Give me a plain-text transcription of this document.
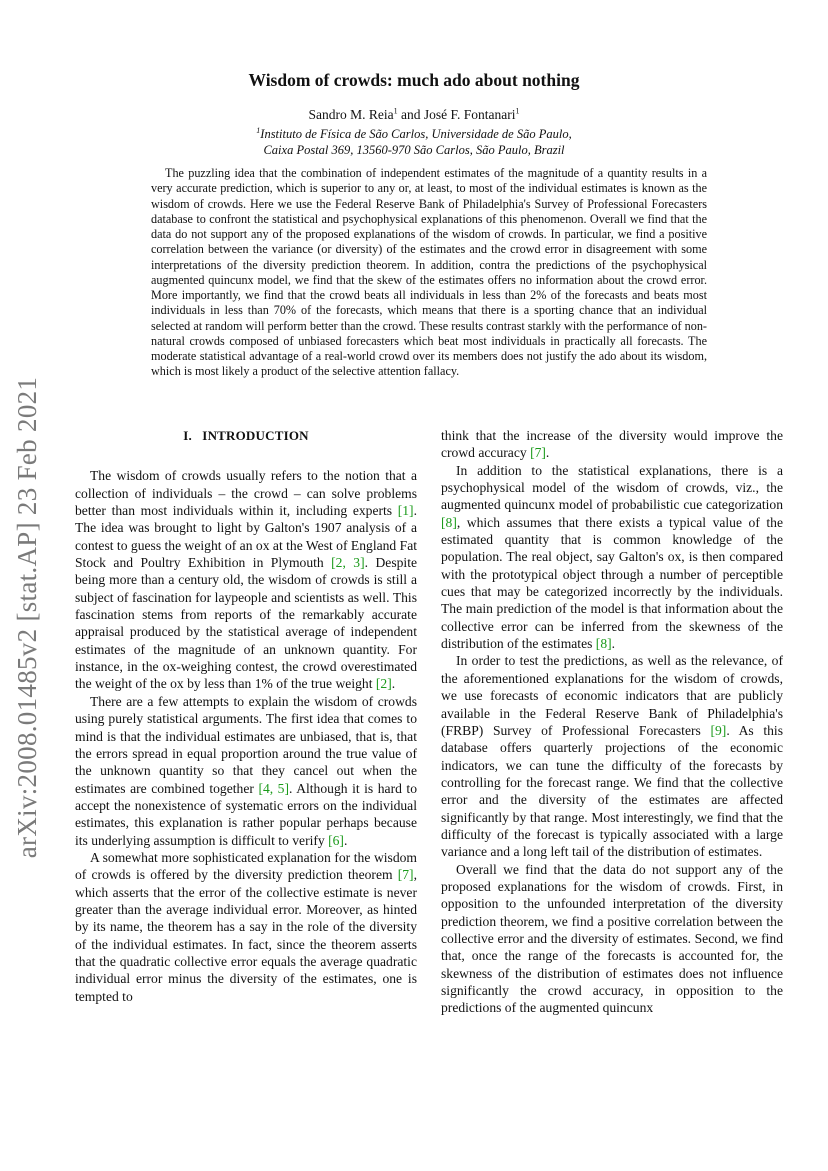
arXiv:2008.01485v2 [stat.AP] 23 Feb 2021
Wisdom of crowds: much ado about nothing
Sandro M. Reia$^1$ and José F. Fontanari$^1$
$^1$Instituto de Física de São Carlos, Universidade de São Paulo,
Caixa Postal 369, 13560-970 São Carlos, São Paulo, Brazil

The puzzling idea that the combination of independent estimates of the magnitude of a quantity results in a very accurate prediction, which is superior to any or, at least, to most of the individual estimates is known as the wisdom of crowds. Here we use the Federal Reserve Bank of Philadelphia's Survey of Professional Forecasters database to confront the statistical and psychophysical explanations of this phenomenon. Overall we find that the data do not support any of the proposed explanations of the wisdom of crowds. In particular, we find a positive correlation between the variance (or diversity) of the estimates and the crowd error in disagreement with some interpretations of the diversity prediction theorem. In addition, contra the predictions of the psychophysical augmented quincunx model, we find that the skew of the estimates offers no information about the crowd error. More importantly, we find that the crowd beats all individuals in less than 2% of the forecasts and beats most individuals in less than 70% of the forecasts, which means that there is a sporting chance that an individual selected at random will perform better than the crowd. These results contrast starkly with the performance of non-natural crowds composed of unbiased forecasters which beat most individuals in practically all forecasts. The moderate statistical advantage of a real-world crowd over its members does not justify the ado about its wisdom, which is most likely a product of the selective attention fallacy.

I.   INTRODUCTION

The wisdom of crowds usually refers to the notion that a collection of individuals – the crowd – can solve problems better than most individuals within it, including experts [1]. The idea was brought to light by Galton's 1907 analysis of a contest to guess the weight of an ox at the West of England Fat Stock and Poultry Exhibition in Plymouth [2, 3]. Despite being more than a century old, the wisdom of crowds is still a subject of fascination for laypeople and scientists as well. This fascination stems from reports of the remarkably accurate appraisal produced by the statistical average of independent estimates of the magnitude of an unknown quantity. For instance, in the ox-weighing contest, the crowd overestimated the weight of the ox by less than 1% of the true weight [2].

There are a few attempts to explain the wisdom of crowds using purely statistical arguments. The first idea that comes to mind is that the individual estimates are unbiased, that is, that the errors spread in equal proportion around the true value of the unknown quantity so that they cancel out when the estimates are combined together [4, 5]. Although it is hard to accept the nonexistence of systematic errors on the individual estimates, this explanation is rather popular perhaps because its underlying assumption is difficult to verify [6].

A somewhat more sophisticated explanation for the wisdom of crowds is offered by the diversity prediction theorem [7], which asserts that the error of the collective estimate is never greater than the average individual error. Moreover, as hinted by its name, the theorem has a say in the role of the diversity of the individual estimates. In fact, since the theorem asserts that the quadratic collective error equals the average quadratic individual error minus the diversity of the estimates, one is tempted to

think that the increase of the diversity would improve the crowd accuracy [7].

In addition to the statistical explanations, there is a psychophysical model of the wisdom of crowds, viz., the augmented quincunx model of probabilistic cue categorization [8], which assumes that there exists a typical value of the estimated quantity that is common knowledge of the population. The real object, say Galton's ox, is then compared with the prototypical object through a number of perceptible cues that may be categorized incorrectly by the individuals. The main prediction of the model is that information about the collective error can be inferred from the skewness of the distribution of the estimates [8].

In order to test the predictions, as well as the relevance, of the aforementioned explanations for the wisdom of crowds, we use forecasts of economic indicators that are publicly available in the Federal Reserve Bank of Philadelphia's (FRBP) Survey of Professional Forecasters [9]. As this database offers quarterly projections of the economic indicators, we can tune the difficulty of the forecasts by controlling for the forecast range. We find that the collective error and the diversity of the estimates are affected significantly by that range. Most interestingly, we find that the difficulty of the forecast is typically associated with a large variance and a long left tail of the distribution of estimates.

Overall we find that the data do not support any of the proposed explanations for the wisdom of crowds. First, in opposition to the unfounded interpretation of the diversity prediction theorem, we find a positive correlation between the collective error and the diversity of estimates. Second, we find that, once the range of the forecasts is accounted for, the skewness of the distribution of estimates does not influence significantly the crowd accuracy, in opposition to the predictions of the augmented quincunx
